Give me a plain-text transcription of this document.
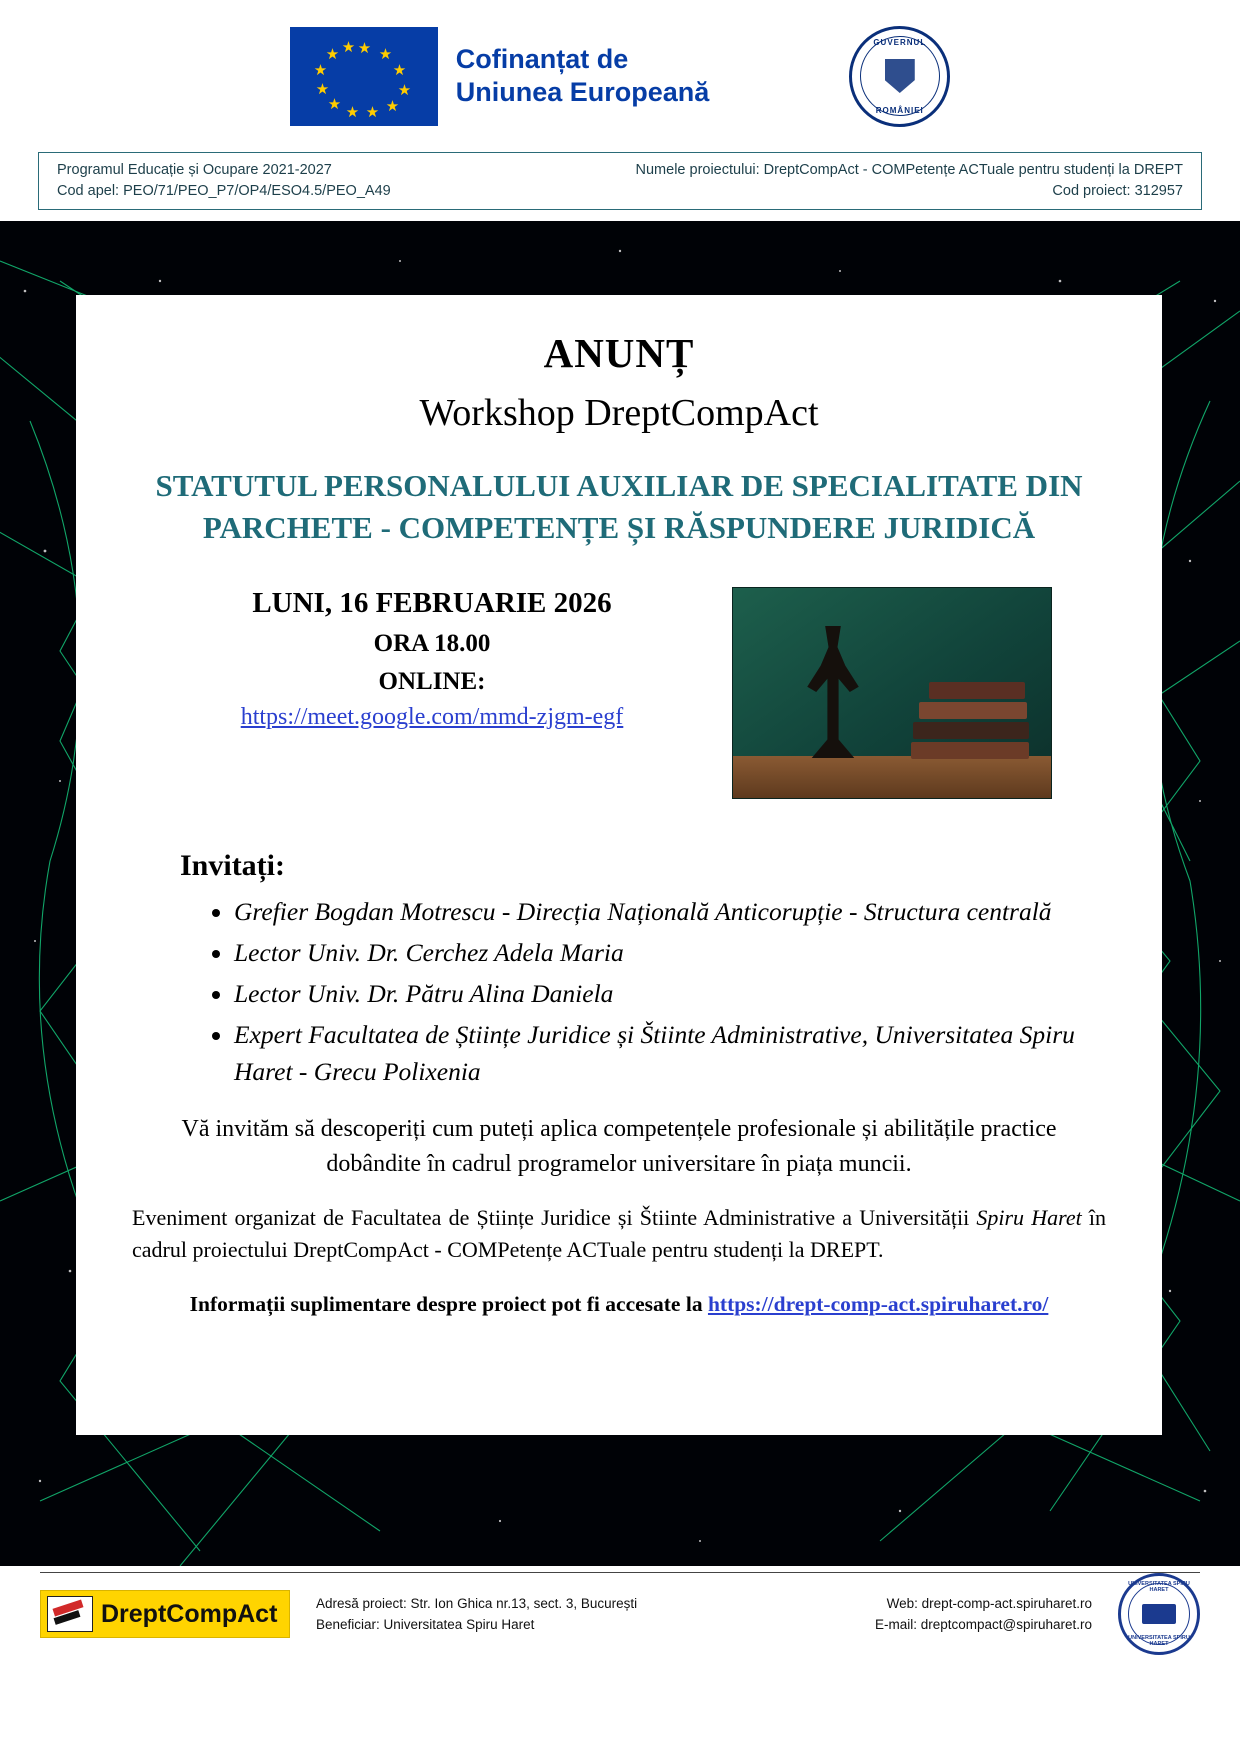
★ ★
★
★
★
★
★
★
★
★
★ ★	Cofinanțat de
Uniunea Europeană
GUVERNUL
ROMÂNIEI
Programul Educație și Ocupare 2021-2027
Cod apel: PEO/71/PEO_P7/OP4/ESO4.5/PEO_A49
Numele proiectului: DreptCompAct - COMPetențe ACTuale pentru studenți la DREPT
Cod proiect: 312957
ANUNȚ
Workshop DreptCompAct
STATUTUL PERSONALULUI AUXILIAR DE SPECIALITATE DIN PARCHETE - COMPETENȚE ȘI RĂSPUNDERE JURIDICĂ
LUNI, 16 FEBRUARIE 2026
ORA 18.00
ONLINE:
https://meet.google.com/mmd-zjgm-egf
Invitați:
• Grefier Bogdan Motrescu - Direcția Națională Anticorupție - Structura centrală
• Lector Univ. Dr. Cerchez Adela Maria
• Lector Univ. Dr. Pătru Alina Daniela
• Expert Facultatea de Științe Juridice și Štiinte Administrative, Universitatea Spiru Haret - Grecu Polixenia
Vă invităm să descoperiți cum puteți aplica competențele profesionale și abilitățile practice dobândite în cadrul programelor universitare în piața muncii.
Eveniment organizat de Facultatea de Științe Juridice și Štiinte Administrative a Universității Spiru Haret în cadrul proiectului DreptCompAct - COMPetențe ACTuale pentru studenți la DREPT.
Informații suplimentare despre proiect pot fi accesate la https://drept-comp-act.spiruharet.ro/
DreptCompAct	Adresă proiect: Str. Ion Ghica nr.13, sect. 3, București
Beneficiar: Universitatea Spiru Haret
Web: drept-comp-act.spiruharet.ro
E-mail: dreptcompact@spiruharet.ro
UNIVERSITATEA SPIRU HARET
UNIVERSITATEA SPIRU HARET
